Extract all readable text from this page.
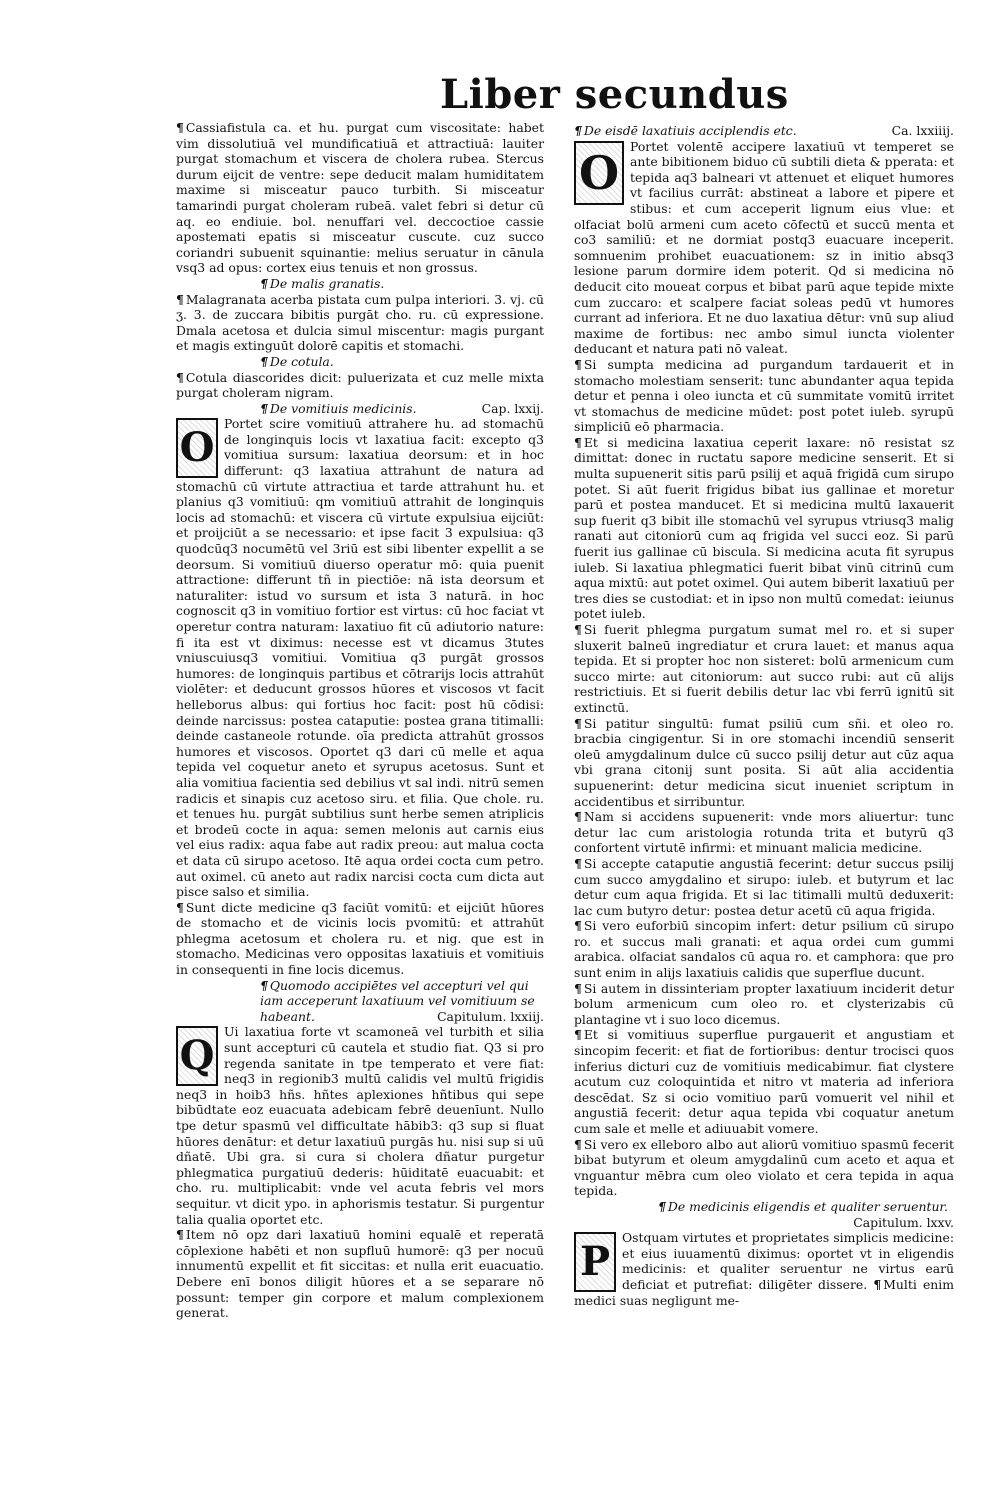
Liber secundus

¶ Cassiafistula ca. et hu. purgat cum viscositate: habet vim dissolutiuā vel mundificatiuā et attractiuā: lauiter purgat stomachum et viscera de cholera rubea. Stercus durum eijcit de ventre: sepe deducit malam humiditatem maxime si misceatur pauco turbith. Si misceatur tamarindi purgat choleram rubeā. valet febri si detur cū aq. eo endiuie. bol. nenuffari vel. deccoctioe cassie apostemati epatis si misceatur cuscute. cuz succo coriandri subuenit squinantie: melius seruatur in cānula vsq3 ad opus: cortex eius tenuis et non grossus.

¶ De malis granatis.

¶ Malagranata acerba pistata cum pulpa interiori. 3. vj. cū ʒ. 3. de zuccara bibitis purgāt cho. ru. cū expressione. Dmala acetosa et dulcia simul miscentur: magis purgant et magis extinguūt dolorē capitis et stomachi.

¶ De cotula.

¶ Cotula diascorides dicit: puluerizata et cuz melle mixta purgat choleram nigram.

¶ De vomitiuis medicinis.	Cap. lxxij.

O
Portet scire vomitiuū attrahere hu. ad stomachū de longinquis locis vt laxatiua facit: excepto q3 vomitiua sursum: laxatiua deorsum: et in hoc differunt: q3 laxatiua attrahunt de natura ad stomachū cū virtute attractiua et tarde attrahunt hu. et planius q3 vomitiuū: qm vomitiuū attrahit de longinquis locis ad stomachū: et viscera cū virtute expulsiua eijciūt: et proijciūt a se necessario: et ipse facit 3 expulsiua: q3 quodcūq3 nocumētū vel 3riū est sibi libenter expellit a se deorsum. Si vomitiuū diuerso operatur mō: quia puenit attractione: differunt tñ in piectiōe: nā ista deorsum et naturaliter: istud vo sursum et ista 3 naturā. in hoc cognoscit q3 in vomitiuo fortior est virtus: cū hoc faciat vt operetur contra naturam: laxatiuo fit cū adiutorio nature: fi ita est vt diximus: necesse est vt dicamus 3tutes vniuscuiusq3 vomitiui. Vomitiua q3 purgāt grossos humores: de longinquis partibus et cōtrarijs locis attrahūt violēter: et deducunt grossos hūores et viscosos vt facit helleborus albus: qui fortius hoc facit: post hū cōdisi: deinde narcissus: postea cataputie: postea grana titimalli: deinde castaneole rotunde. oīa predicta attrahūt grossos humores et viscosos. Oportet q3 dari cū melle et aqua tepida vel coquetur aneto et syrupus acetosus. Sunt et alia vomitiua facientia sed debilius vt sal indi. nitrū semen radicis et sinapis cuz acetoso siru. et filia. Que chole. ru. et tenues hu. purgāt subtilius sunt herbe semen atriplicis et brodeū cocte in aqua: semen melonis aut carnis eius vel eius radix: aqua fabe aut radix preou: aut malua cocta et data cū sirupo acetoso. Itē aqua ordei cocta cum petro. aut oximel. cū aneto aut radix narcisi cocta cum dicta aut pisce salso et similia.

¶ Sunt dicte medicine q3 faciūt vomitū: et eijciūt hūores de stomacho et de vicinis locis pvomitū: et attrahūt phlegma acetosum et cholera ru. et nig. que est in stomacho. Medicinas vero oppositas laxatiuis et vomitiuis in consequenti in fine locis dicemus.

¶ Quomodo accipiētes vel accepturi vel qui iam acceperunt laxatiuum vel vomitiuum se habeant.	Capitulum. lxxiij.

Q
Ui laxatiua forte vt scamoneā vel turbith et silia sunt accepturi cū cautela et studio fiat. Q3 si pro regenda sanitate in tpe temperato et vere fiat: neq3 in regionib3 multū calidis vel multū frigidis neq3 in hoib3 hñs. hñtes aplexiones hñtibus qui sepe bibūdtate eoz euacuata adebicam febrē deuenīunt. Nullo tpe detur spasmū vel difficultate hābib3: q3 sup si fluat hūores denātur: et detur laxatiuū purgās hu. nisi sup si uū dñatē. Ubi gra. si cura si cholera dñatur purgetur phlegmatica purgatiuū dederis: hūiditatē euacuabit: et cho. ru. multiplicabit: vnde vel acuta febris vel mors sequitur. vt dicit ypo. in aphorismis testatur. Si purgentur talia qualia oportet etc.

¶ Item nō opz dari laxatiuū homini equalē et reperatā cōplexione habēti et non supfluū humorē: q3 per nocuū innumentū expellit et fit siccitas: et nulla erit euacuatio. Debere enī bonos diligit hūores et a se separare nō possunt: temper gin corpore et malum complexionem generat.

¶ De eisdē laxatiuis acciplendis etc.	Ca. lxxiiij.

O Portet volentē accipere laxatiuū vt temperet se ante bibitionem biduo cū subtili dieta & pperata: et tepida aq3 balneari vt attenuet et eliquet humores vt facilius currāt: abstineat a labore et pipere et stibus: et cum acceperit lignum eius vlue: et olfaciat bolū armeni cum aceto cōfectū et succū menta et co3 samiliū: et ne dormiat postq3 euacuare inceperit. somnuenim prohibet euacuationem: sz in initio absq3 lesione parum dormire idem poterit. Qd si medicina nō deducit cito moueat corpus et bibat parū aque tepide mixte cum zuccaro: et scalpere faciat soleas pedū vt humores currant ad inferiora. Et ne duo laxatiua dētur: vnū sup aliud maxime de fortibus: nec ambo simul iuncta violenter deducant et natura pati nō valeat.

¶ Si sumpta medicina ad purgandum tardauerit et in stomacho molestiam senserit: tunc abundanter aqua tepida detur et penna i oleo iuncta et cū summitate vomitū irritet vt stomachus de medicine mūdet: post potet iuleb. syrupū simpliciū eō pharmacia.

¶ Et si medicina laxatiua ceperit laxare: nō resistat sz dimittat: donec in ructatu sapore medicine senserit. Et si multa supuenerit sitis parū psilij et aquā frigidā cum sirupo potet. Si aūt fuerit frigidus bibat ius gallinae et moretur parū et postea manducet. Et si medicina multū laxauerit sup fuerit q3 bibit ille stomachū vel syrupus vtriusq3 malig ranati aut citoniorū cum aq frigida vel succi eoz. Si parū fuerit ius gallinae cū biscula. Si medicina acuta fit syrupus iuleb. Si laxatiua phlegmatici fuerit bibat vinū citrinū cum aqua mixtū: aut potet oximel. Qui autem biberit laxatiuū per tres dies se custodiat: et in ipso non multū comedat: ieiunus potet iuleb.

¶ Si fuerit phlegma purgatum sumat mel ro. et si super sluxerit balneū ingrediatur et crura lauet: et manus aqua tepida. Et si propter hoc non sisteret: bolū armenicum cum succo mirte: aut citoniorum: aut succo rubi: aut cū alijs restrictiuis. Et si fuerit debilis detur lac vbi ferrū ignitū sit extinctū.

¶ Si patitur singultū: fumat psiliū cum sñi. et oleo ro. bracbia cingigentur. Si in ore stomachi incendiū senserit oleū amygdalinum dulce cū succo psilij detur aut cūz aqua vbi grana citonij sunt posita. Si aūt alia accidentia supuenerint: detur medicina sicut inueniet scriptum in accidentibus et sirribuntur.

¶ Nam si accidens supuenerit: vnde mors aliuertur: tunc detur lac cum aristologia rotunda trita et butyrū q3 confortent virtutē infirmi: et minuant malicia medicine.

¶ Si accepte cataputie angustiā fecerint: detur succus psilij cum succo amygdalino et sirupo: iuleb. et butyrum et lac detur cum aqua frigida. Et si lac titimalli multū deduxerit: lac cum butyro detur: postea detur acetū cū aqua frigida.

¶ Si vero euforbiū sincopim infert: detur psilium cū sirupo ro. et succus mali granati: et aqua ordei cum gummi arabica. olfaciat sandalos cū aqua ro. et camphora: que pro sunt enim in alijs laxatiuis calidis que superflue ducunt.

¶ Si autem in dissinteriam propter laxatiuum inciderit detur bolum armenicum cum oleo ro. et clysterizabis cū plantagine vt i suo loco dicemus.

¶ Et si vomitiuus superflue purgauerit et angustiam et sincopim fecerit: et fiat de fortioribus: dentur trocisci quos inferius dicturi cuz de vomitiuis medicabimur. fiat clystere acutum cuz coloquintida et nitro vt materia ad inferiora descēdat. Sz si ocio vomitiuo parū vomuerit vel nihil et angustiā fecerit: detur aqua tepida vbi coquatur anetum cum sale et melle et adiuuabit vomere.

¶ Si vero ex elleboro albo aut aliorū vomitiuo spasmū fecerit bibat butyrum et oleum amygdalinū cum aceto et aqua et vnguantur mēbra cum oleo violato et cera tepida in aqua tepida.

¶ De medicinis eligendis et qualiter seruentur.
Capitulum. lxxv.

P
Ostquam virtutes et proprietates simplicis medicine: et eius iuuamentū diximus: oportet vt in eligendis medicinis: et qualiter seruentur ne virtus earū deficiat et putrefiat: diligēter dissere. ¶ Multi enim medici suas negligunt me-
